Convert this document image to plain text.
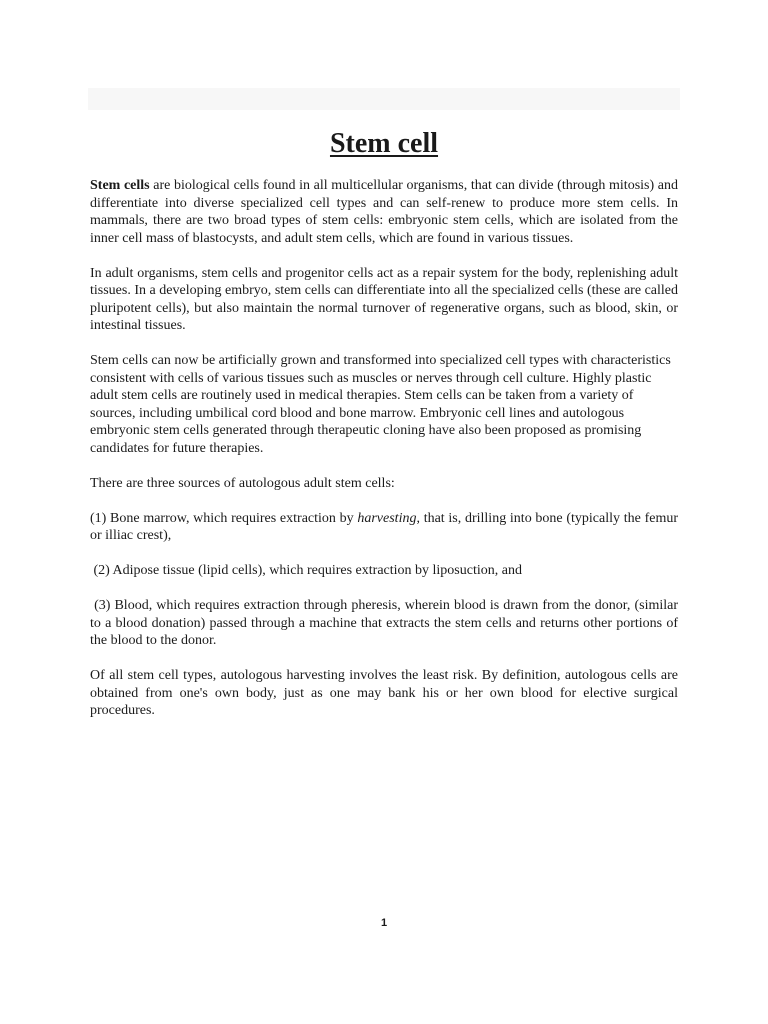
Stem cell

Stem cells are biological cells found in all multicellular organisms, that can divide (through mitosis) and differentiate into diverse specialized cell types and can self-renew to produce more stem cells. In mammals, there are two broad types of stem cells: embryonic stem cells, which are isolated from the inner cell mass of blastocysts, and adult stem cells, which are found in various tissues.

In adult organisms, stem cells and progenitor cells act as a repair system for the body, replenishing adult tissues. In a developing embryo, stem cells can differentiate into all the specialized cells (these are called pluripotent cells), but also maintain the normal turnover of regenerative organs, such as blood, skin, or intestinal tissues.

Stem cells can now be artificially grown and transformed into specialized cell types with characteristics consistent with cells of various tissues such as muscles or nerves through cell culture. Highly plastic adult stem cells are routinely used in medical therapies. Stem cells can be taken from a variety of sources, including umbilical cord blood and bone marrow. Embryonic cell lines and autologous embryonic stem cells generated through therapeutic cloning have also been proposed as promising candidates for future therapies.

There are three sources of autologous adult stem cells:

(1) Bone marrow, which requires extraction by harvesting, that is, drilling into bone (typically the femur or illiac crest),

(2) Adipose tissue (lipid cells), which requires extraction by liposuction, and

(3) Blood, which requires extraction through pheresis, wherein blood is drawn from the donor, (similar to a blood donation) passed through a machine that extracts the stem cells and returns other portions of the blood to the donor.

Of all stem cell types, autologous harvesting involves the least risk. By definition, autologous cells are obtained from one's own body, just as one may bank his or her own blood for elective surgical procedures.

1
